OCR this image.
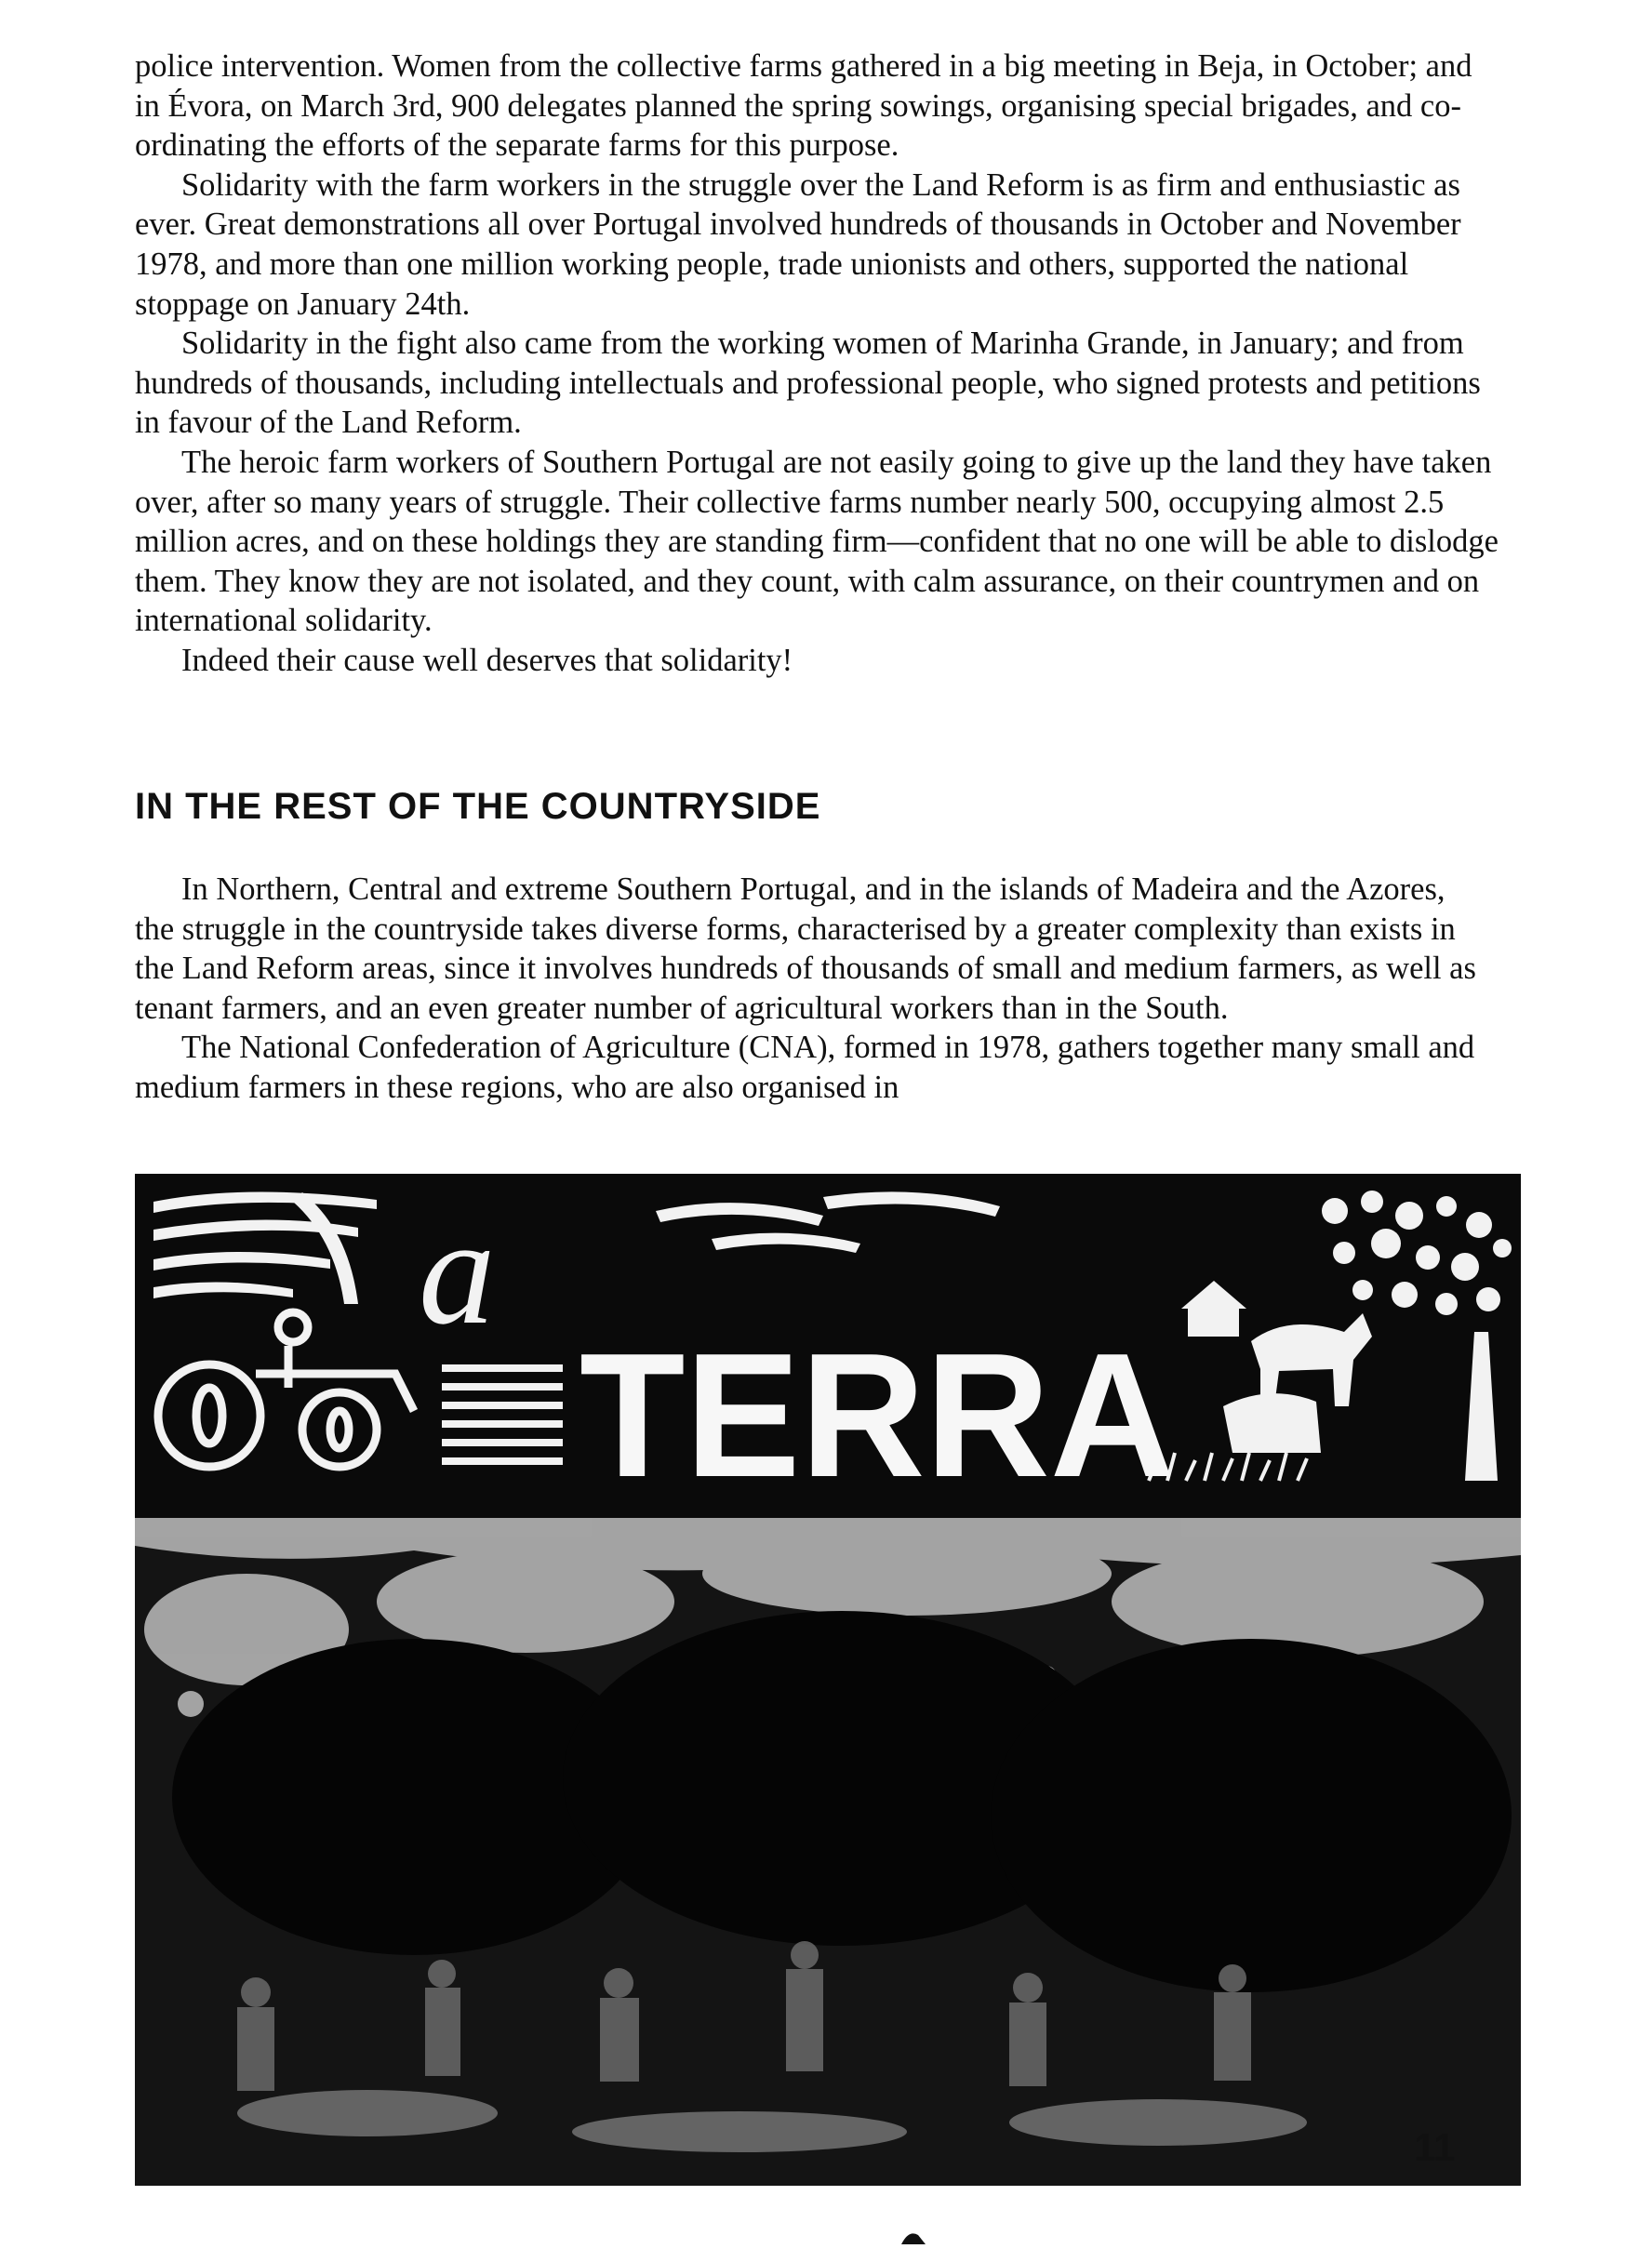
police intervention. Women from the collective farms gathered in a big meeting in Beja, in October; and in Évora, on March 3rd, 900 delegates planned the spring sowings, organising special brigades, and co-ordinating the efforts of the separate farms for this purpose.

Solidarity with the farm workers in the struggle over the Land Reform is as firm and enthusiastic as ever. Great demonstrations all over Portugal involved hundreds of thousands in October and November 1978, and more than one million working people, trade unionists and others, supported the national stoppage on January 24th.

Solidarity in the fight also came from the working women of Marinha Grande, in January; and from hundreds of thousands, including intellectuals and professional people, who signed protests and petitions in favour of the Land Reform.

The heroic farm workers of Southern Portugal are not easily going to give up the land they have taken over, after so many years of struggle. Their collective farms number nearly 500, occupying almost 2.5 million acres, and on these holdings they are standing firm—confident that no one will be able to dislodge them. They know they are not isolated, and they count, with calm assurance, on their countrymen and on international solidarity.

Indeed their cause well deserves that solidarity!

IN THE REST OF THE COUNTRYSIDE

In Northern, Central and extreme Southern Portugal, and in the islands of Madeira and the Azores, the struggle in the countryside takes diverse forms, characterised by a greater complexity than exists in the Land Reform areas, since it involves hundreds of thousands of small and medium farmers, as well as tenant farmers, and an even greater number of agricultural workers than in the South.

The National Confederation of Agriculture (CNA), formed in 1978, gathers together many small and medium farmers in these regions, who are also organised in

a
TERRA
11
